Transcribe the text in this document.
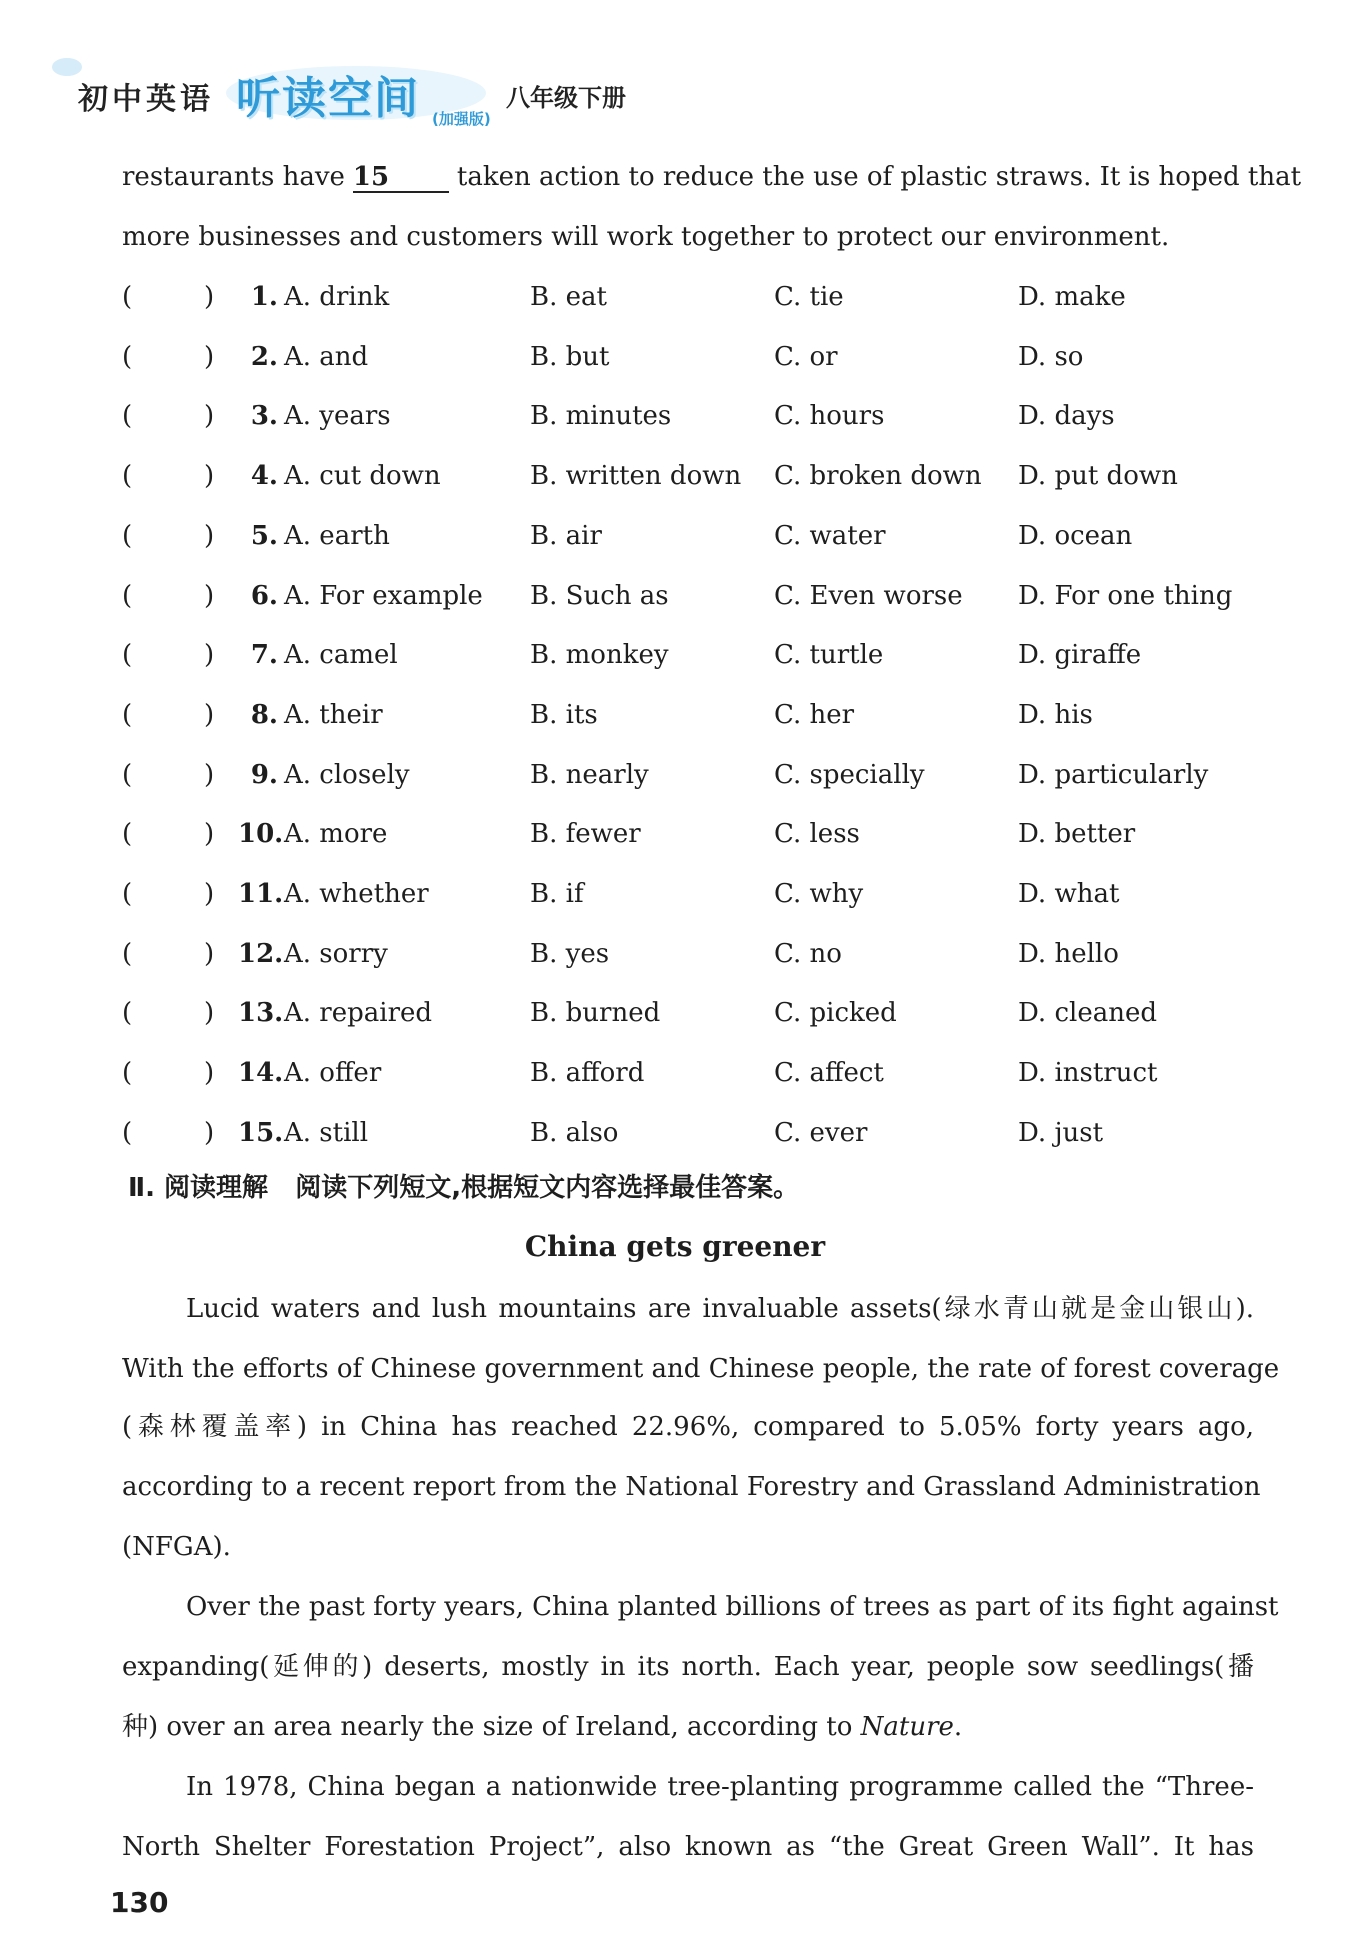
初中英语 听读空间 (加强版)
八年级下册
restaurants have 15	taken action to reduce the use of plastic straws. It is hoped that
more businesses and customers will work together to protect our environment.
(	)	1. A. drink	B. eat	C. tie	D. make
(	)	2. A. and	B. but	C. or	D. so
(	)	3. A. years	B. minutes	C. hours	D. days
(	)	4. A. cut down	B. written down C. broken down D. put down
(	)	5. A. earth	B. air	C. water	D. ocean
(	)	6. A. For example B. Such as	C. Even worse D. For one thing
(	)	7. A. camel	B. monkey	C. turtle	D. giraffe
(	)	8. A. their	B. its	C. her	D. his
(	)	9. A. closely	B. nearly	C. specially	D. particularly
(	) 10. A. more	B. fewer	C. less	D. better
(	) 11. A. whether	B. if	C. why	D. what
(	) 12. A. sorry	B. yes	C. no	D. hello
(	) 13. A. repaired	B. burned	C. picked	D. cleaned
(	) 14. A. offer	B. afford	C. affect	D. instruct
(	) 15. A. still	B. also	C. ever	D. just
Ⅱ. 阅读理解 阅读下列短文,根据短文内容选择最佳答案。
China gets greener
Lucid waters and lush mountains are invaluable assets(绿水青山就是金山银山).
With the efforts of Chinese government and Chinese people, the rate of forest coverage
(森林覆盖率) in China has reached 22.96%, compared to 5.05% forty years ago,
according to a recent report from the National Forestry and Grassland Administration
(NFGA).
Over the past forty years, China planted billions of trees as part of its fight against
expanding(延伸的) deserts, mostly in its north. Each year, people sow seedlings(播
种) over an area nearly the size of Ireland, according to Nature.
In 1978, China began a nationwide tree-planting programme called the “Three-
North Shelter Forestation Project”, also known as “the Great Green Wall”. It has
130
